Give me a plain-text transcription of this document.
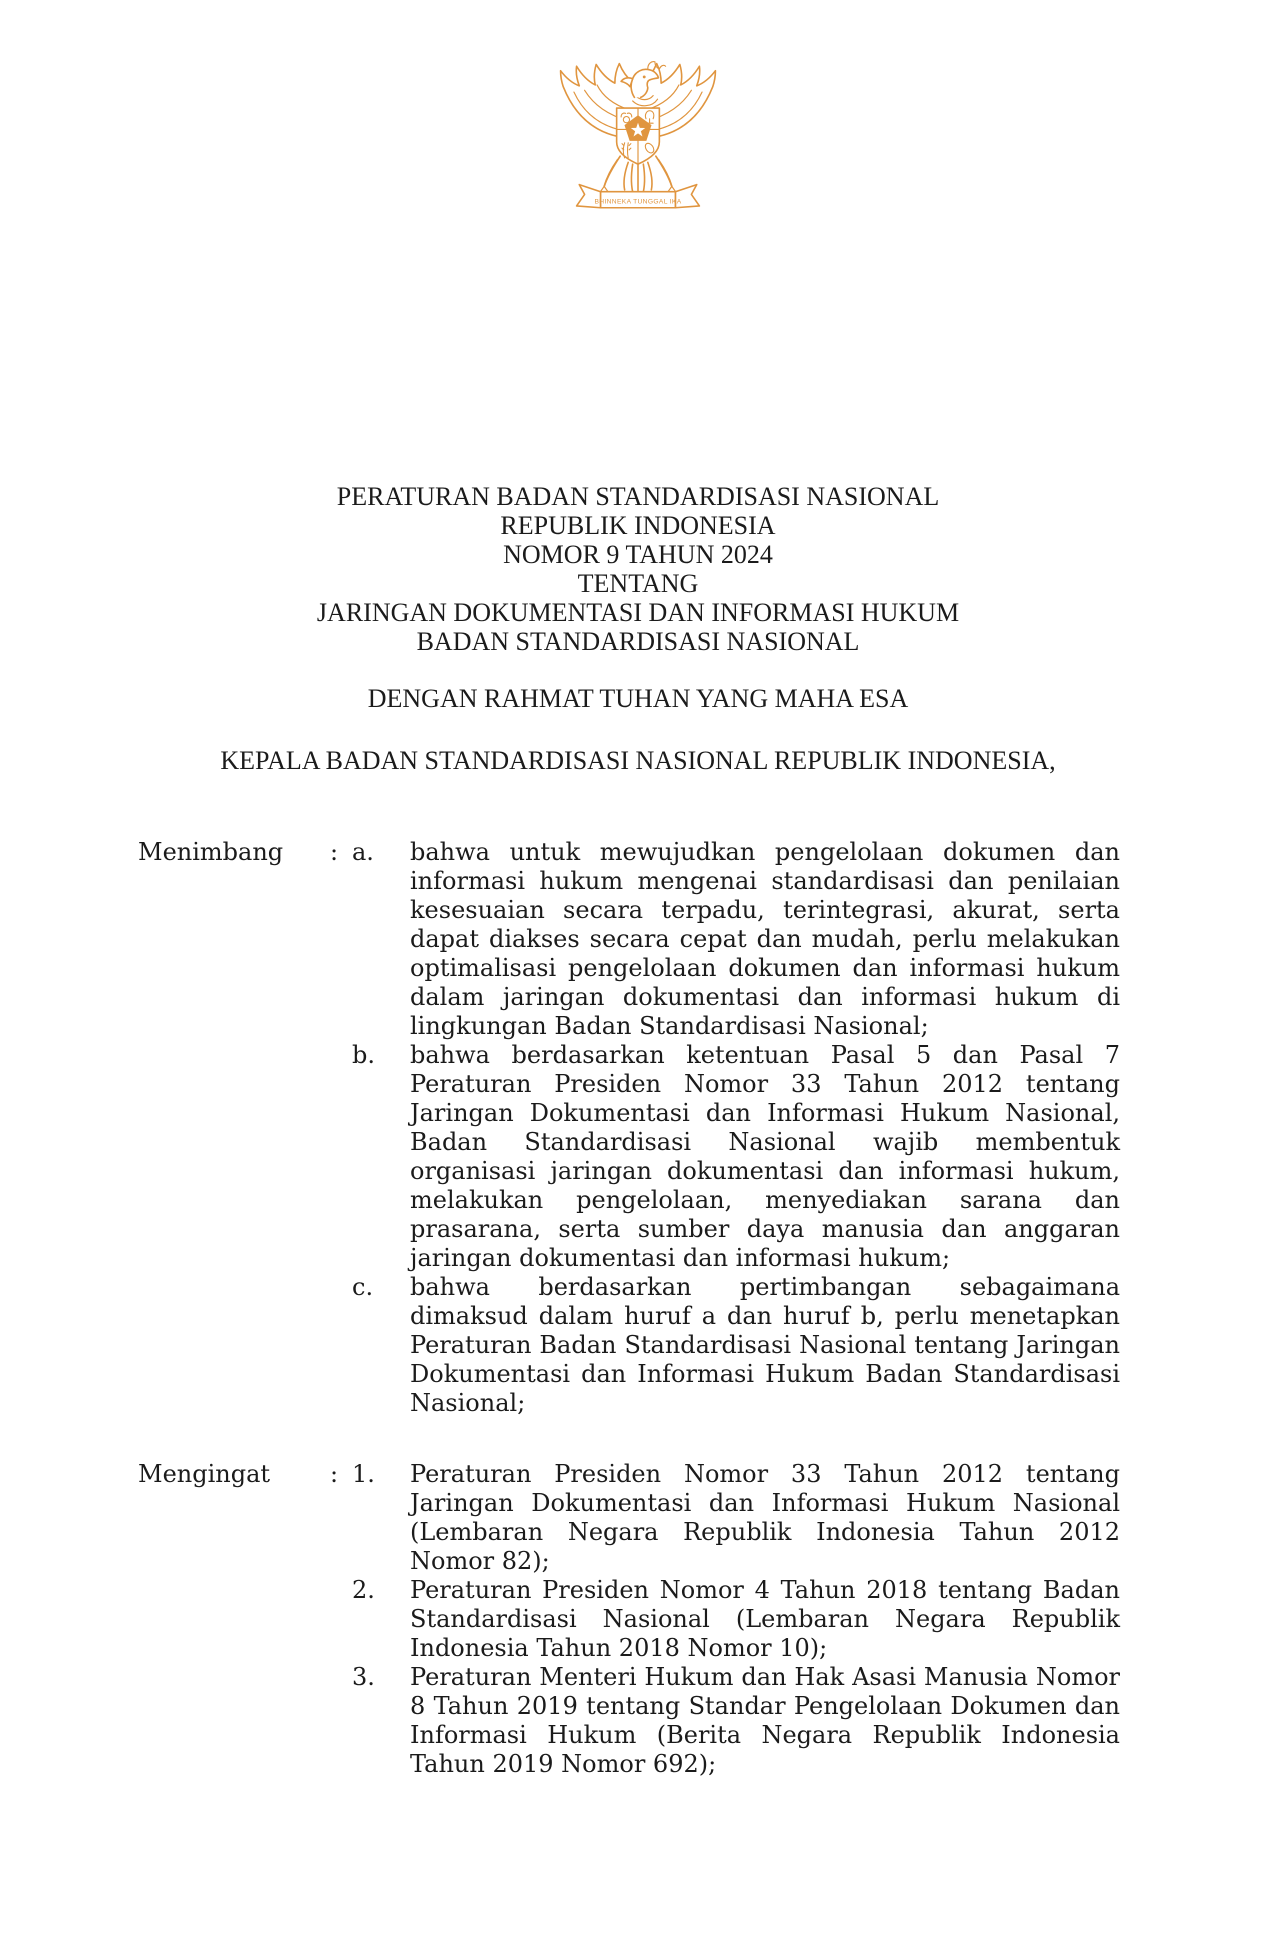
BHINNEKA TUNGGAL IKA
PERATURAN BADAN STANDARDISASI NASIONAL
REPUBLIK INDONESIA
NOMOR 9 TAHUN 2024
TENTANG
JARINGAN DOKUMENTASI DAN INFORMASI HUKUM
BADAN STANDARDISASI NASIONAL
DENGAN RAHMAT TUHAN YANG MAHA ESA
KEPALA BADAN STANDARDISASI NASIONAL REPUBLIK INDONESIA,
Menimbang	: a.	bahwa untuk mewujudkan pengelolaan dokumen dan informasi hukum mengenai standardisasi dan penilaian kesesuaian secara terpadu, terintegrasi, akurat, serta dapat diakses secara cepat dan mudah, perlu melakukan optimalisasi pengelolaan dokumen dan informasi hukum dalam jaringan dokumentasi dan informasi hukum di lingkungan Badan Standardisasi Nasional;
b.	bahwa berdasarkan ketentuan Pasal 5 dan Pasal 7 Peraturan Presiden Nomor 33 Tahun 2012 tentang Jaringan Dokumentasi dan Informasi Hukum Nasional, Badan Standardisasi Nasional wajib membentuk organisasi jaringan dokumentasi dan informasi hukum, melakukan pengelolaan, menyediakan sarana dan prasarana, serta sumber daya manusia dan anggaran jaringan dokumentasi dan informasi hukum;
c.	bahwa berdasarkan pertimbangan sebagaimana dimaksud dalam huruf a dan huruf b, perlu menetapkan Peraturan Badan Standardisasi Nasional tentang Jaringan Dokumentasi dan Informasi Hukum Badan Standardisasi Nasional;
Mengingat	: 1.	Peraturan Presiden Nomor 33 Tahun 2012 tentang Jaringan Dokumentasi dan Informasi Hukum Nasional (Lembaran Negara Republik Indonesia Tahun 2012 Nomor 82);
2.	Peraturan Presiden Nomor 4 Tahun 2018 tentang Badan Standardisasi Nasional (Lembaran Negara Republik Indonesia Tahun 2018 Nomor 10);
3.	Peraturan Menteri Hukum dan Hak Asasi Manusia Nomor 8 Tahun 2019 tentang Standar Pengelolaan Dokumen dan Informasi Hukum (Berita Negara Republik Indonesia Tahun 2019 Nomor 692);
